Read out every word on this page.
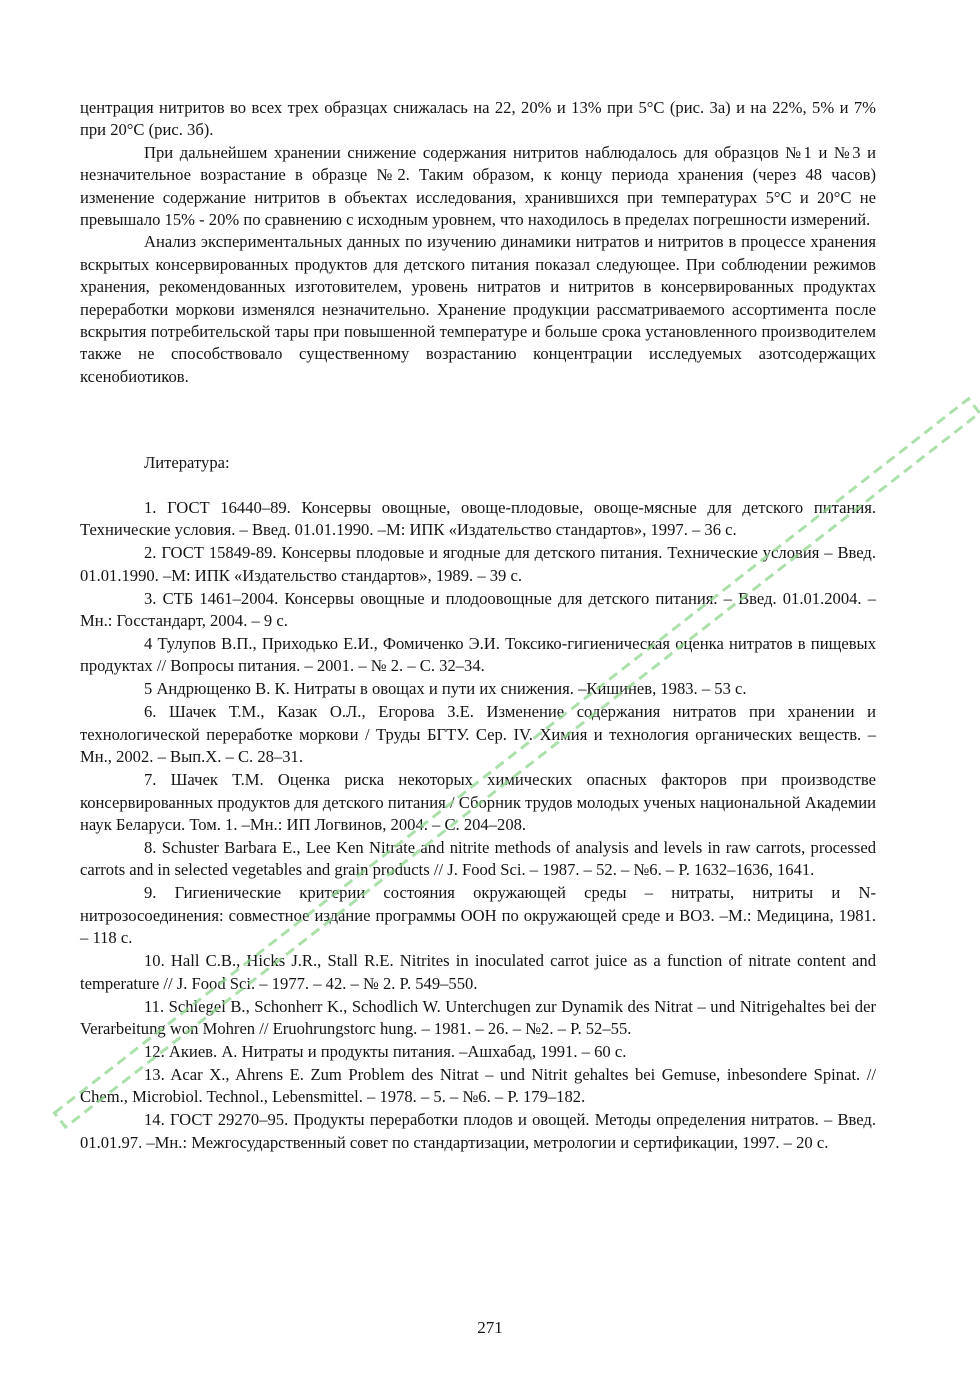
центрация нитритов во всех трех образцах снижалась на 22, 20% и 13% при 5°С (рис. 3а) и на 22%, 5% и 7% при 20°С (рис. 3б).

При дальнейшем хранении снижение содержания нитритов наблюдалось для образцов №1 и №3 и незначительное возрастание в образце №2. Таким образом, к концу периода хранения (через 48 часов) изменение содержание нитритов в объектах исследования, хранившихся при температурах 5°С и 20°С не превышало 15% - 20% по сравнению с исходным уровнем, что находилось в пределах погрешности измерений.

Анализ экспериментальных данных по изучению динамики нитратов и нитритов в процессе хранения вскрытых консервированных продуктов для детского питания показал следующее. При соблюдении режимов хранения, рекомендованных изготовителем, уровень нитратов и нитритов в консервированных продуктах переработки моркови изменялся незначительно. Хранение продукции рассматриваемого ассортимента после вскрытия потребительской тары при повышенной температуре и больше срока установленного производителем также не способствовало существенному возрастанию концентрации исследуемых азотсодержащих ксенобиотиков.

Литература:

1. ГОСТ 16440–89. Консервы овощные, овоще-плодовые, овоще-мясные для детского питания. Технические условия. – Введ. 01.01.1990. –М: ИПК «Издательство стандартов», 1997. – 36 с.

2. ГОСТ 15849-89. Консервы плодовые и ягодные для детского питания. Технические условия – Введ. 01.01.1990. –М: ИПК «Издательство стандартов», 1989. – 39 с.

3. СТБ 1461–2004. Консервы овощные и плодоовощные для детского питания. – Введ. 01.01.2004. –Мн.: Госстандарт, 2004. – 9 с.

4 Тулупов В.П., Приходько Е.И., Фомиченко Э.И. Токсико-гигиеническая оценка нитратов в пищевых продуктах // Вопросы питания. – 2001. – № 2. – С. 32–34.

5 Андрющенко В. К. Нитраты в овощах и пути их снижения. –Кишинев, 1983. – 53 с.

6. Шачек Т.М., Казак О.Л., Егорова З.Е. Изменение содержания нитратов при хранении и технологической переработке моркови / Труды БГТУ. Сер. IV. Химия и технология органических веществ. –Мн., 2002. – Вып.X. – С. 28–31.

7. Шачек Т.М. Оценка риска некоторых химических опасных факторов при производстве консервированных продуктов для детского питания / Сборник трудов молодых ученых национальной Академии наук Беларуси. Том. 1. –Мн.: ИП Логвинов, 2004. – С. 204–208.

8. Schuster Barbara E., Lee Ken Nitrate and nitrite methods of analysis and levels in raw carrots, processed carrots and in selected vegetables and grain products // J. Food Sci. – 1987. – 52. – №6. – P. 1632–1636, 1641.

9. Гигиенические критерии состояния окружающей среды – нитраты, нитриты и N-нитрозосоединения: совместное издание программы ООН по окружающей среде и ВОЗ. –М.: Медицина, 1981. – 118 с.

10. Hall C.B., Hicks J.R., Stall R.E. Nitrites in inoculated carrot juice as a function of nitrate content and temperature // J. Food Sci. – 1977. – 42. – № 2. P. 549–550.

11. Schlegel B., Schonherr K., Schodlich W. Unterchugen zur Dynamik des Nitrat – und Nitrigehaltes bei der Verarbeitung won Mohren // Eruohrungstorc hung. – 1981. – 26. – №2. – P. 52–55.

12. Акиев. А. Нитраты и продукты питания. –Ашхабад, 1991. – 60 с.

13. Acar X., Ahrens E. Zum Problem des Nitrat – und Nitrit gehaltes bei Gemuse, inbesondere Spinat. // Chem., Microbiol. Technol., Lebensmittel. – 1978. – 5. – №6. – P. 179–182.

14. ГОСТ 29270–95. Продукты переработки плодов и овощей. Методы определения нитратов. – Введ. 01.01.97. –Мн.: Межгосударственный совет по стандартизации, метрологии и сертификации, 1997. – 20 с.

271
